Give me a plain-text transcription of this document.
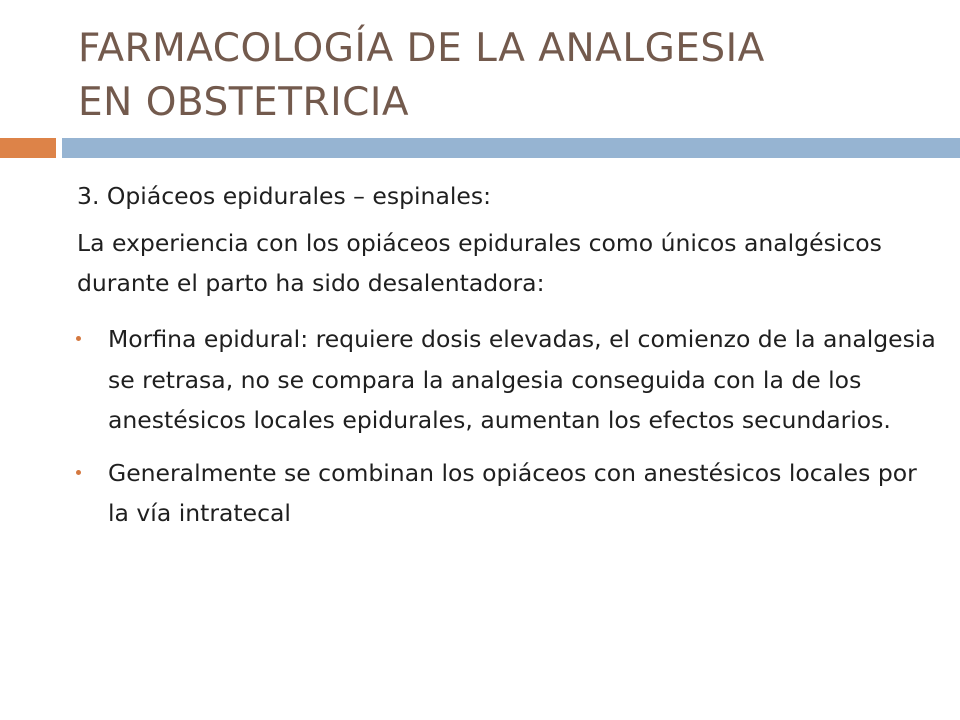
FARMACOLOGÍA DE LA ANALGESIA
EN OBSTETRICIA

3. Opiáceos epidurales – espinales:

La experiencia con los opiáceos epidurales como únicos analgésicos durante el parto ha sido desalentadora:

Morfina epidural: requiere dosis elevadas, el comienzo de la analgesia se retrasa, no se compara la analgesia conseguida con la de los anestésicos locales epidurales, aumentan los efectos secundarios.
Generalmente se combinan los opiáceos con anestésicos locales por la vía intratecal
